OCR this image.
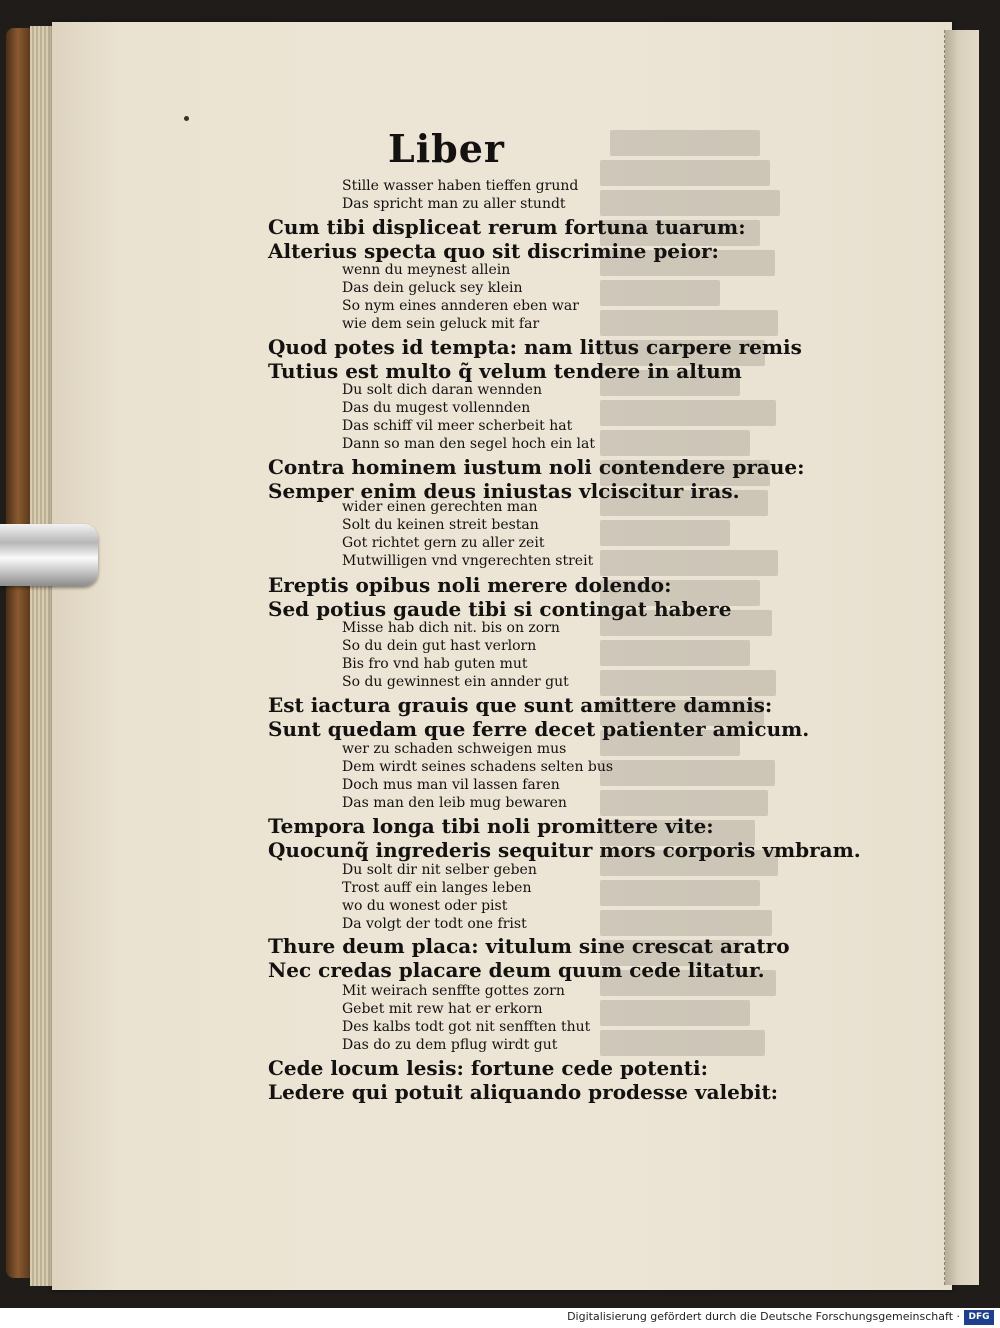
Liber
Stille wasser haben tieffen grund
Das spricht man zu aller stundt
Cum tibi displiceat rerum fortuna tuarum:
Alterius specta quo sit discrimine peior:
wenn du meynest allein
Das dein geluck sey klein
So nym eines annderen eben war
wie dem sein geluck mit far
Quod potes id tempta: nam littus carpere remis
Tutius est multo q̃ velum tendere in altum
Du solt dich daran wennden
Das du mugest vollennden
Das schiff vil meer scherbeit hat
Dann so man den segel hoch ein lat
Contra hominem iustum noli contendere praue:
Semper enim deus iniustas vlciscitur iras.
wider einen gerechten man
Solt du keinen streit bestan
Got richtet gern zu aller zeit
Mutwilligen vnd vngerechten streit
Ereptis opibus noli merere dolendo:
Sed potius gaude tibi si contingat habere
Misse hab dich nit. bis on zorn
So du dein gut hast verlorn
Bis fro vnd hab guten mut
So du gewinnest ein annder gut
Est iactura grauis que sunt amittere damnis:
Sunt quedam que ferre decet patienter amicum.
wer zu schaden schweigen mus
Dem wirdt seines schadens selten bus
Doch mus man vil lassen faren
Das man den leib mug bewaren
Tempora longa tibi noli promittere vite:
Quocunq̃ ingrederis sequitur mors corporis vmbram.
Du solt dir nit selber geben
Trost auff ein langes leben
wo du wonest oder pist
Da volgt der todt one frist
Thure deum placa: vitulum sine crescat aratro
Nec credas placare deum quum cede litatur.
Mit weirach senffte gottes zorn
Gebet mit rew hat er erkorn
Des kalbs todt got nit senfften thut
Das do zu dem pflug wirdt gut
Cede locum lesis: fortune cede potenti:
Ledere qui potuit aliquando prodesse valebit:
Digitalisierung gefördert durch die Deutsche Forschungsgemeinschaft · DFG
